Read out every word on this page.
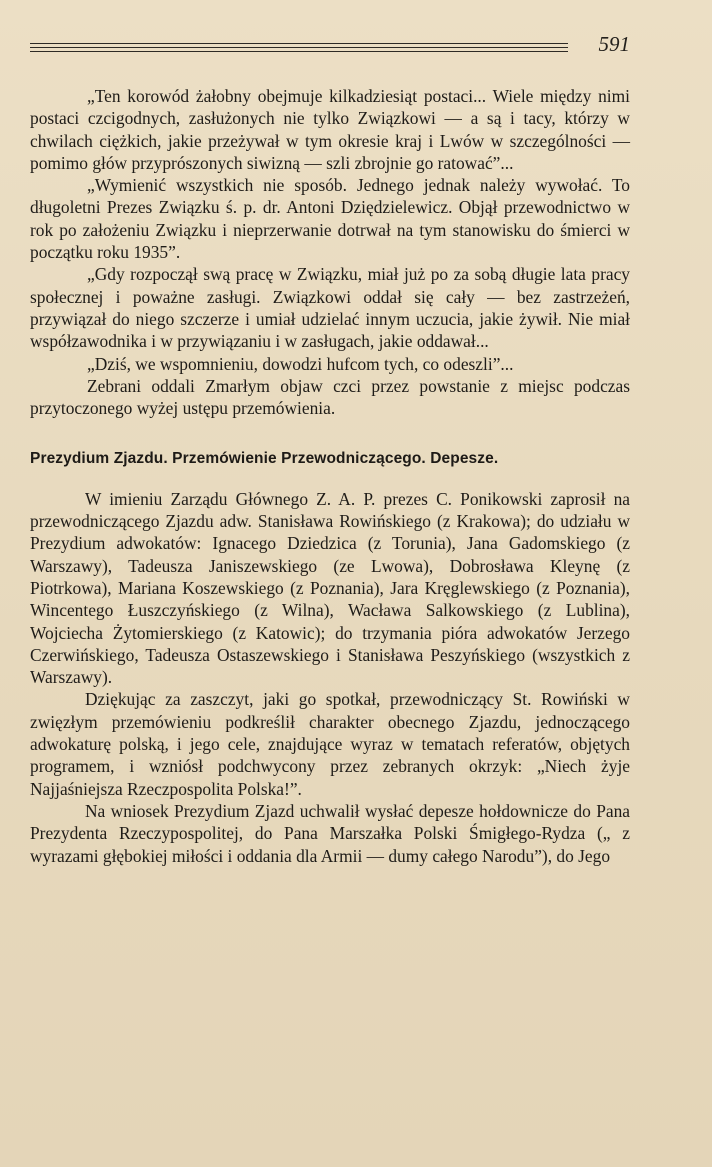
591

„Ten korowód żałobny obejmuje kilkadziesiąt postaci... Wiele między nimi postaci czcigodnych, zasłużonych nie tylko Związkowi — a są i tacy, którzy w chwilach ciężkich, jakie przeżywał w tym okresie kraj i Lwów w szczególności — pomimo głów przyprószonych siwizną — szli zbrojnie go ratować”...

„Wymienić wszystkich nie sposób. Jednego jednak należy wywołać. To długoletni Prezes Związku ś. p. dr. Antoni Dziędzielewicz. Objął przewodnictwo w rok po założeniu Związku i nieprzerwanie dotrwał na tym stanowisku do śmierci w początku roku 1935”.

„Gdy rozpoczął swą pracę w Związku, miał już po za sobą długie lata pracy społecznej i poważne zasługi. Związkowi oddał się cały — bez zastrzeżeń, przywiązał do niego szczerze i umiał udzielać innym uczucia, jakie żywił. Nie miał współzawodnika i w przywiązaniu i w zasługach, jakie oddawał...

„Dziś, we wspomnieniu, dowodzi hufcom tych, co odeszli”...

Zebrani oddali Zmarłym objaw czci przez powstanie z miejsc podczas przytoczonego wyżej ustępu przemówienia.

Prezydium Zjazdu. Przemówienie Przewodniczącego. Depesze.

W imieniu Zarządu Głównego Z. A. P. prezes C. Ponikowski zaprosił na przewodniczącego Zjazdu adw. Stanisława Rowińskiego (z Krakowa); do udziału w Prezydium adwokatów: Ignacego Dziedzica (z Torunia), Jana Gadomskiego (z Warszawy), Tadeusza Janiszewskiego (ze Lwowa), Dobrosława Kleynę (z Piotrkowa), Mariana Koszewskiego (z Poznania), Jara Kręglewskiego (z Poznania), Wincentego Łuszczyńskiego (z Wilna), Wacława Salkowskiego (z Lublina), Wojciecha Żytomierskiego (z Katowic); do trzymania pióra adwokatów Jerzego Czerwińskiego, Tadeusza Ostaszewskiego i Stanisława Peszyńskiego (wszystkich z Warszawy).

Dziękując za zaszczyt, jaki go spotkał, przewodniczący St. Rowiński w zwięzłym przemówieniu podkreślił charakter obecnego Zjazdu, jednoczącego adwokaturę polską, i jego cele, znajdujące wyraz w tematach referatów, objętych programem, i wzniósł podchwycony przez zebranych okrzyk: „Niech żyje Najjaśniejsza Rzeczpospolita Polska!”.

Na wniosek Prezydium Zjazd uchwalił wysłać depesze hołdownicze do Pana Prezydenta Rzeczypospolitej, do Pana Marszałka Polski Śmigłego-Rydza („ z wyrazami głębokiej miłości i oddania dla Armii — dumy całego Narodu”), do Jego
